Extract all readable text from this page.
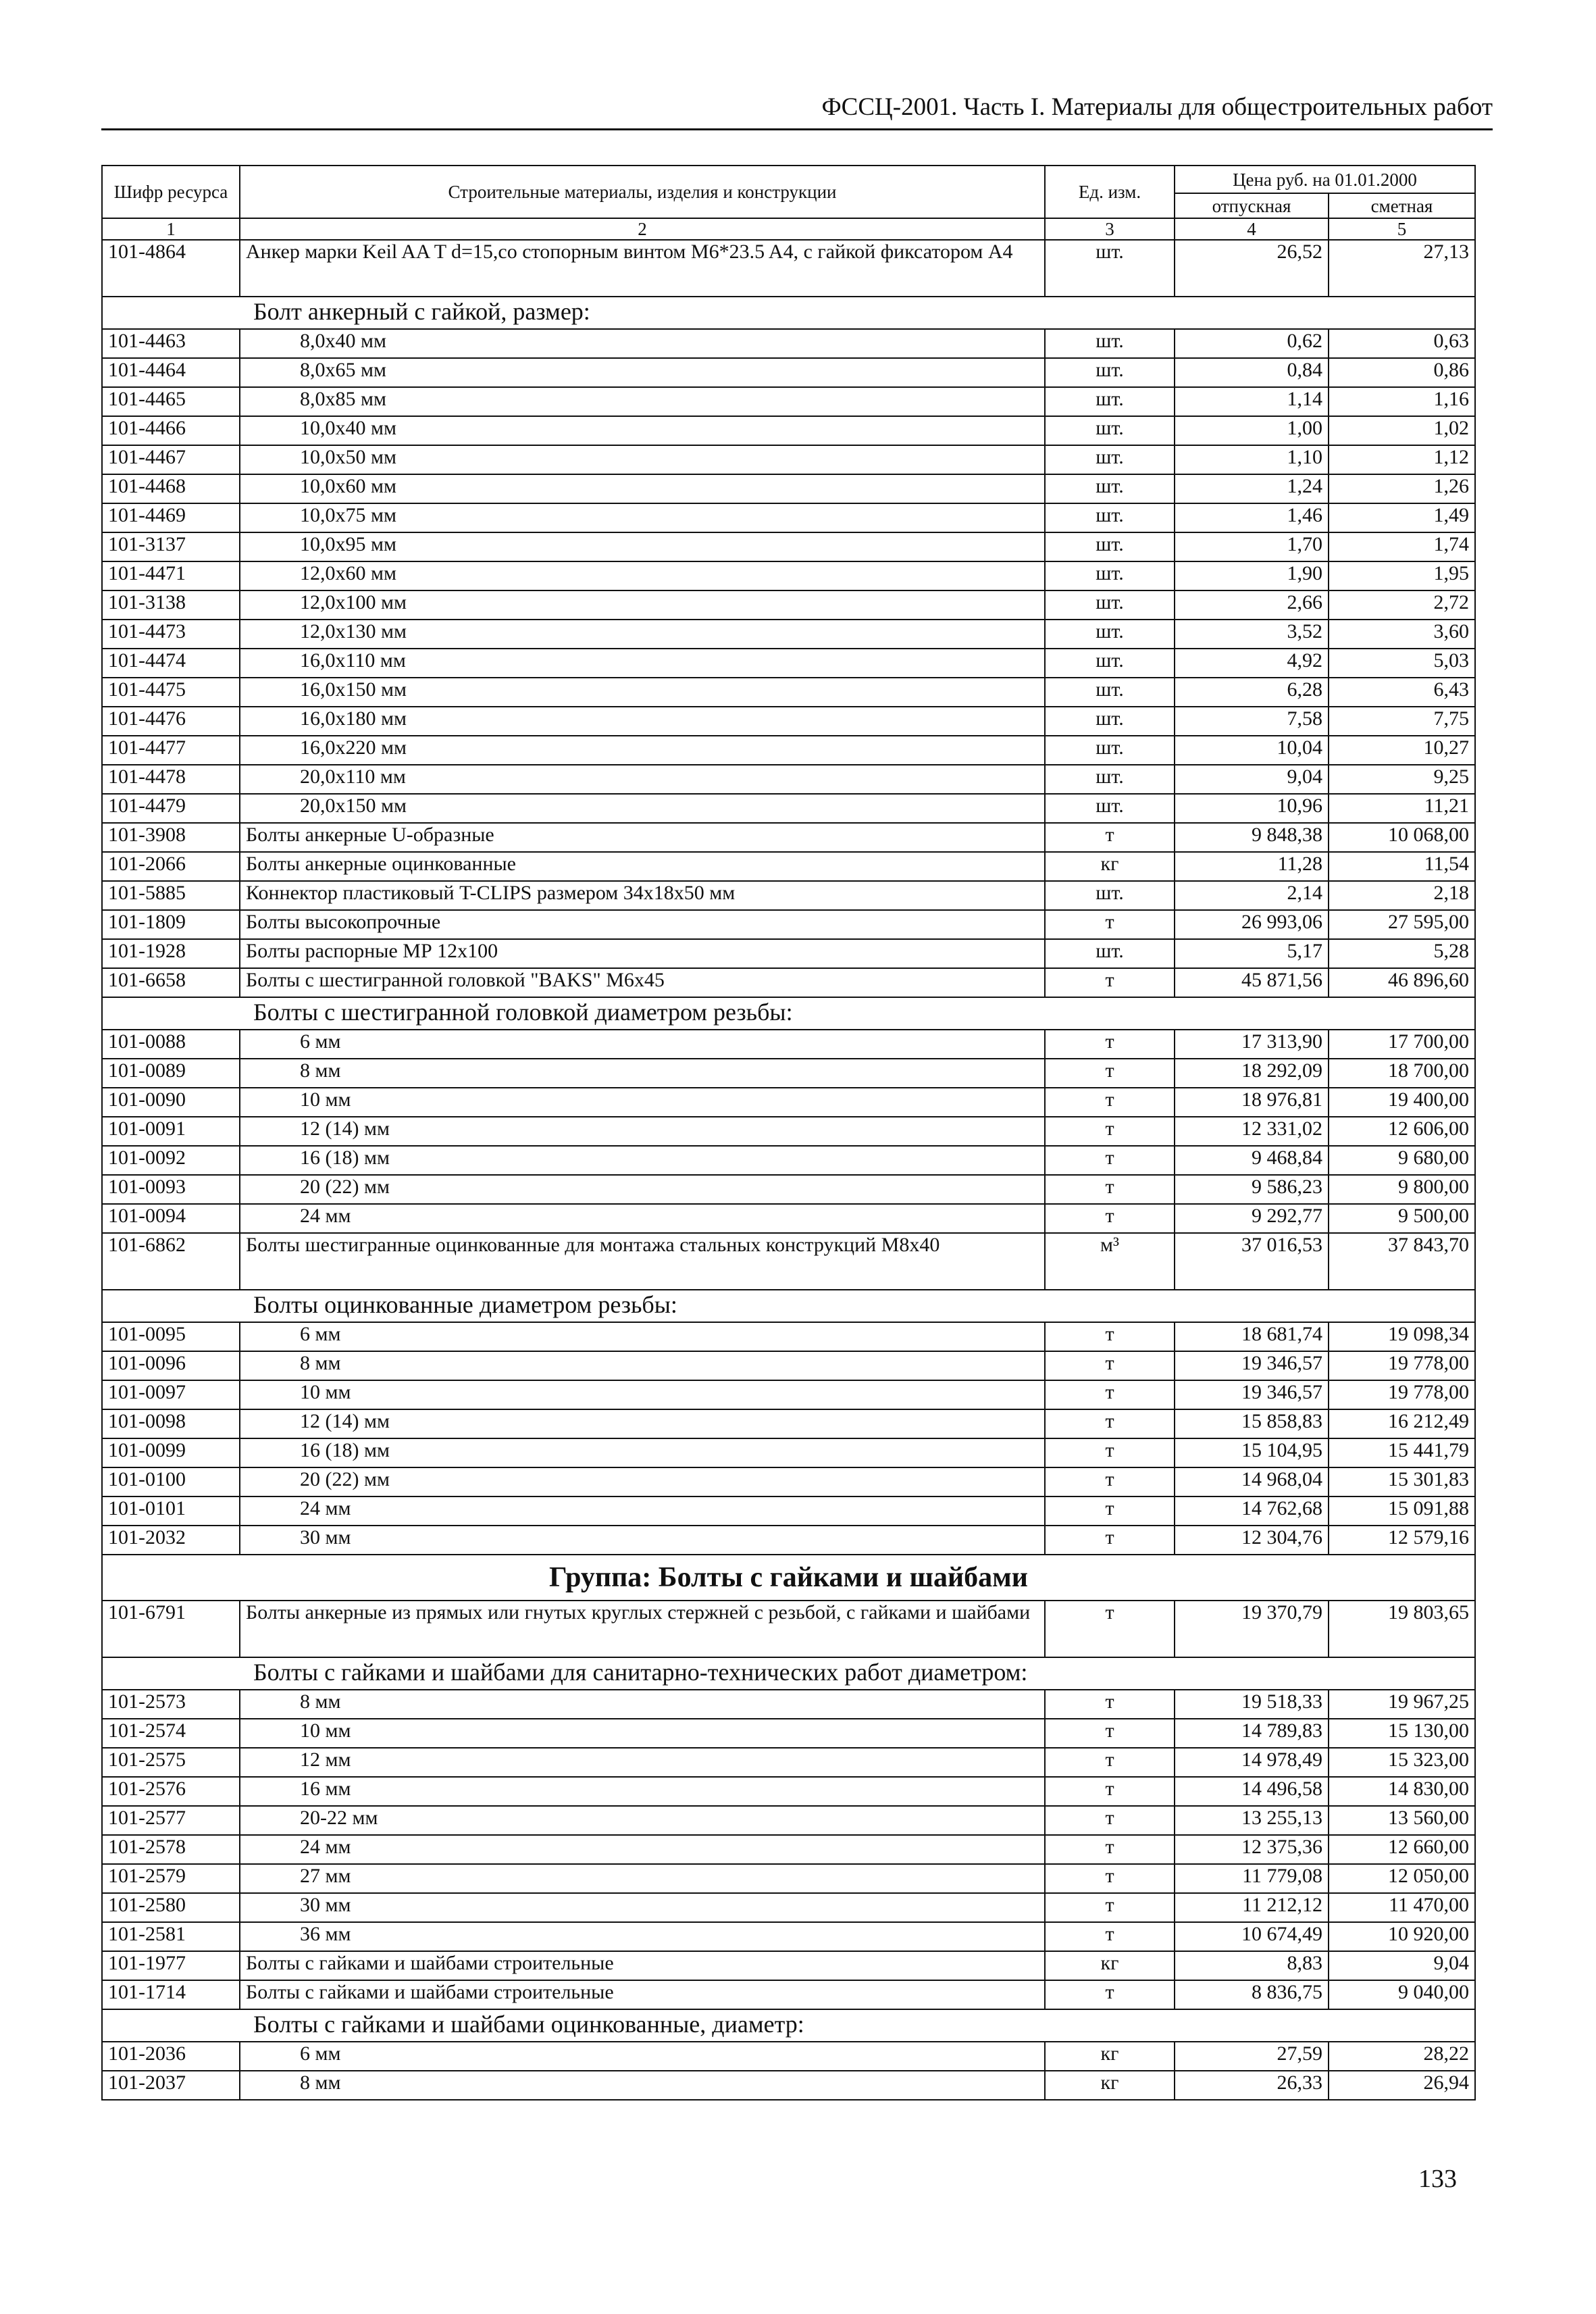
ФССЦ-2001. Часть I. Материалы для общестроительных работ
Шифр ресурса	Строительные материалы, изделия и конструкции	Ед. изм.	Цена руб. на 01.01.2000	
			отпускная	сметная
1	2	3	4	5
101-4864	Анкер марки Keil AA T d=15,со стопорным винтом M6*23.5 A4, с гайкой фиксатором А4	шт.	26,52	27,13
Болт анкерный с гайкой, размер:				
101-4463	8,0x40 мм	шт.	0,62	0,63
101-4464	8,0x65 мм	шт.	0,84	0,86
101-4465	8,0x85 мм	шт.	1,14	1,16
101-4466	10,0x40 мм	шт.	1,00	1,02
101-4467	10,0x50 мм	шт.	1,10	1,12
101-4468	10,0x60 мм	шт.	1,24	1,26
101-4469	10,0x75 мм	шт.	1,46	1,49
101-3137	10,0x95 мм	шт.	1,70	1,74
101-4471	12,0x60 мм	шт.	1,90	1,95
101-3138	12,0x100 мм	шт.	2,66	2,72
101-4473	12,0x130 мм	шт.	3,52	3,60
101-4474	16,0x110 мм	шт.	4,92	5,03
101-4475	16,0x150 мм	шт.	6,28	6,43
101-4476	16,0x180 мм	шт.	7,58	7,75
101-4477	16,0x220 мм	шт.	10,04	10,27
101-4478	20,0x110 мм	шт.	9,04	9,25
101-4479	20,0x150 мм	шт.	10,96	11,21
101-3908	Болты анкерные U-образные	т	9 848,38	10 068,00
101-2066	Болты анкерные оцинкованные	кг	11,28	11,54
101-5885	Коннектор пластиковый T-CLIPS размером 34x18x50 мм	шт.	2,14	2,18
101-1809	Болты высокопрочные	т	26 993,06	27 595,00
101-1928	Болты распорные МР 12x100	шт.	5,17	5,28
101-6658	Болты с шестигранной головкой "BAKS" М6x45	т	45 871,56	46 896,60
Болты с шестигранной головкой диаметром резьбы:				
101-0088	6 мм	т	17 313,90	17 700,00
101-0089	8 мм	т	18 292,09	18 700,00
101-0090	10 мм	т	18 976,81	19 400,00
101-0091	12 (14) мм	т	12 331,02	12 606,00
101-0092	16 (18) мм	т	9 468,84	9 680,00
101-0093	20 (22) мм	т	9 586,23	9 800,00
101-0094	24 мм	т	9 292,77	9 500,00
101-6862	Болты шестигранные оцинкованные для монтажа стальных конструкций М8x40	м³	37 016,53	37 843,70
Болты оцинкованные диаметром резьбы:				
101-0095	6 мм	т	18 681,74	19 098,34
101-0096	8 мм	т	19 346,57	19 778,00
101-0097	10 мм	т	19 346,57	19 778,00
101-0098	12 (14) мм	т	15 858,83	16 212,49
101-0099	16 (18) мм	т	15 104,95	15 441,79
101-0100	20 (22) мм	т	14 968,04	15 301,83
101-0101	24 мм	т	14 762,68	15 091,88
101-2032	30 мм	т	12 304,76	12 579,16
Группа: Болты с гайками и шайбами				
101-6791	Болты анкерные из прямых или гнутых круглых стержней с резьбой, с гайками и шайбами	т	19 370,79	19 803,65
Болты с гайками и шайбами для санитарно-технических работ диаметром:				
101-2573	8 мм	т	19 518,33	19 967,25
101-2574	10 мм	т	14 789,83	15 130,00
101-2575	12 мм	т	14 978,49	15 323,00
101-2576	16 мм	т	14 496,58	14 830,00
101-2577	20-22 мм	т	13 255,13	13 560,00
101-2578	24 мм	т	12 375,36	12 660,00
101-2579	27 мм	т	11 779,08	12 050,00
101-2580	30 мм	т	11 212,12	11 470,00
101-2581	36 мм	т	10 674,49	10 920,00
101-1977	Болты с гайками и шайбами строительные	кг	8,83	9,04
101-1714	Болты с гайками и шайбами строительные	т	8 836,75	9 040,00
Болты с гайками и шайбами оцинкованные, диаметр:				
101-2036	6 мм	кг	27,59	28,22
101-2037	8 мм	кг	26,33	26,94
133
